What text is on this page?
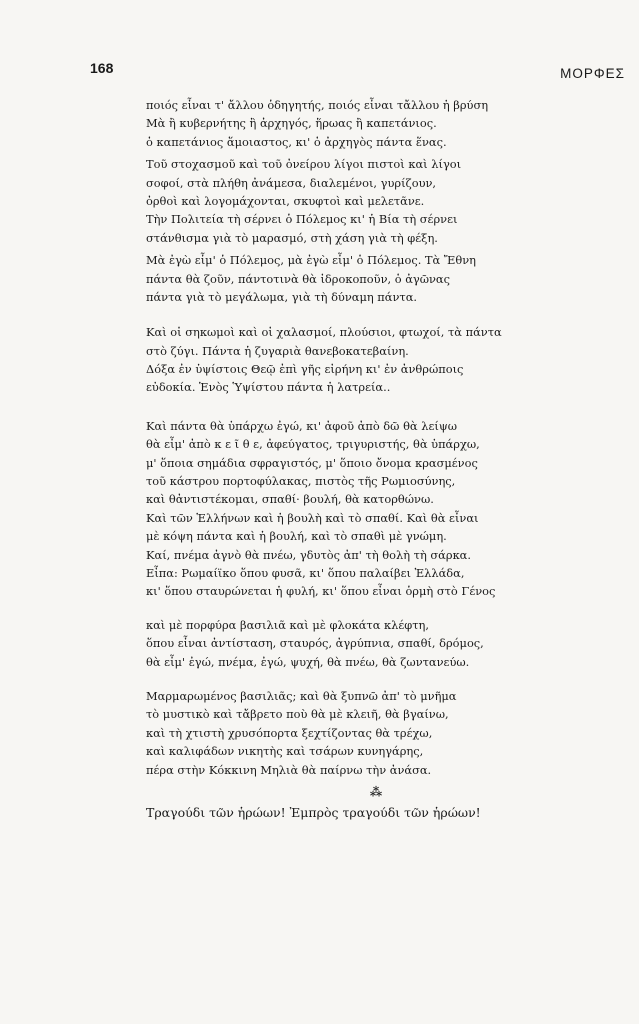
168	ΜΟΡΦΕΣ
ποιός εἶναι τ' ἄλλου ὁδηγητής, ποιός εἶναι τἄλλου ἡ βρύση
Μὰ ἢ κυβερνήτης ἢ ἀρχηγός, ἥρωας ἢ καπετάνιος.
ὁ καπετάνιος ἅμοιαστος, κι' ὁ ἀρχηγὸς πάντα ἕνας.
Τοῦ στοχασμοῦ καὶ τοῦ ὀνείρου λίγοι πιστοὶ καὶ λίγοι
σοφοί, στὰ πλήθη ἀνάμεσα, διαλεμένοι, γυρίζουν,
ὀρθοὶ καὶ λογομάχονται, σκυφτοὶ καὶ μελετᾶνε.
Τὴν Πολιτεία τὴ σέρνει ὁ Πόλεμος κι' ἡ Βία τὴ σέρνει
στάνθισμα γιὰ τὸ μαρασμό, στὴ χάση γιὰ τὴ φέξη.
Μὰ ἐγὼ εἶμ' ὁ Πόλεμος, μὰ ἐγὼ εἶμ' ὁ Πόλεμος. Τὰ Ἔθνη
πάντα θὰ ζοῦν, πάντοτινὰ θὰ ἱδροκοποῦν, ὁ ἀγῶνας
πάντα γιὰ τὸ μεγάλωμα, γιὰ τὴ δύναμη πάντα.
Καὶ οἱ σηκωμοὶ καὶ οἱ χαλασμοί, πλούσιοι, φτωχοί, τὰ πάντα
στὸ ζύγι. Πάντα ἡ ζυγαριὰ θανεβοκατεβαίνη.
Δόξα ἐν ὑψίστοις Θεῷ ἐπὶ γῆς εἰρήνη κι' ἐν ἀνθρώποις
εὐδοκία. Ἑνὸς Ὑψίστου πάντα ἡ λατρεία..
Καὶ πάντα θὰ ὑπάρχω ἐγώ, κι' ἀφοῦ ἀπὸ δῶ θὰ λείψω
θὰ εἶμ' ἀπὸ κ ε ῖ θ ε, ἀφεύγατος, τριγυριστής, θὰ ὑπάρχω,
μ' ὅποια σημάδια σφραγιστός, μ' ὅποιο ὄνομα κρασμένος
τοῦ κάστρου πορτοφύλακας, πιστὸς τῆς Ρωμιοσύνης,
καὶ θἀντιστέκομαι, σπαθί· βουλή, θὰ κατορθώνω.
Καὶ τῶν Ἑλλήνων καὶ ἡ βουλὴ καὶ τὸ σπαθί. Καὶ θὰ εἶναι
μὲ κόψη πάντα καὶ ἡ βουλή, καὶ τὸ σπαθὶ μὲ γνώμη.
Καί, πνέμα ἀγνὸ θὰ πνέω, γδυτὸς ἀπ' τὴ θολὴ τὴ σάρκα.
Εἶπα: Ρωμαίϊκο ὅπου φυσᾶ, κι' ὅπου παλαίβει Ἑλλάδα,
κι' ὅπου σταυρώνεται ἡ φυλή, κι' ὅπου εἶναι ὁρμὴ στὸ Γένος
καὶ μὲ πορφύρα βασιλιᾶ καὶ μὲ φλοκάτα κλέφτη,
ὅπου εἶναι ἀντίσταση, σταυρός, ἀγρύπνια, σπαθί, δρόμος,
θὰ εἶμ' ἐγώ, πνέμα, ἐγώ, ψυχή, θὰ πνέω, θὰ ζωντανεύω.
Μαρμαρωμένος βασιλιᾶς; καὶ θὰ ξυπνῶ ἀπ' τὸ μνῆμα
τὸ μυστικὸ καὶ τἄβρετο ποὺ θὰ μὲ κλειῆ, θὰ βγαίνω,
καὶ τὴ χτιστὴ χρυσόπορτα ξεχτίζοντας θὰ τρέχω,
καὶ καλιφάδων νικητὴς καὶ τσάρων κυνηγάρης,
πέρα στὴν Κόκκινη Μηλιὰ θὰ παίρνω τὴν ἀνάσα.
⁂
Τραγούδι τῶν ἡρώων! Ἐμπρὸς τραγούδι τῶν ἡρώων!
